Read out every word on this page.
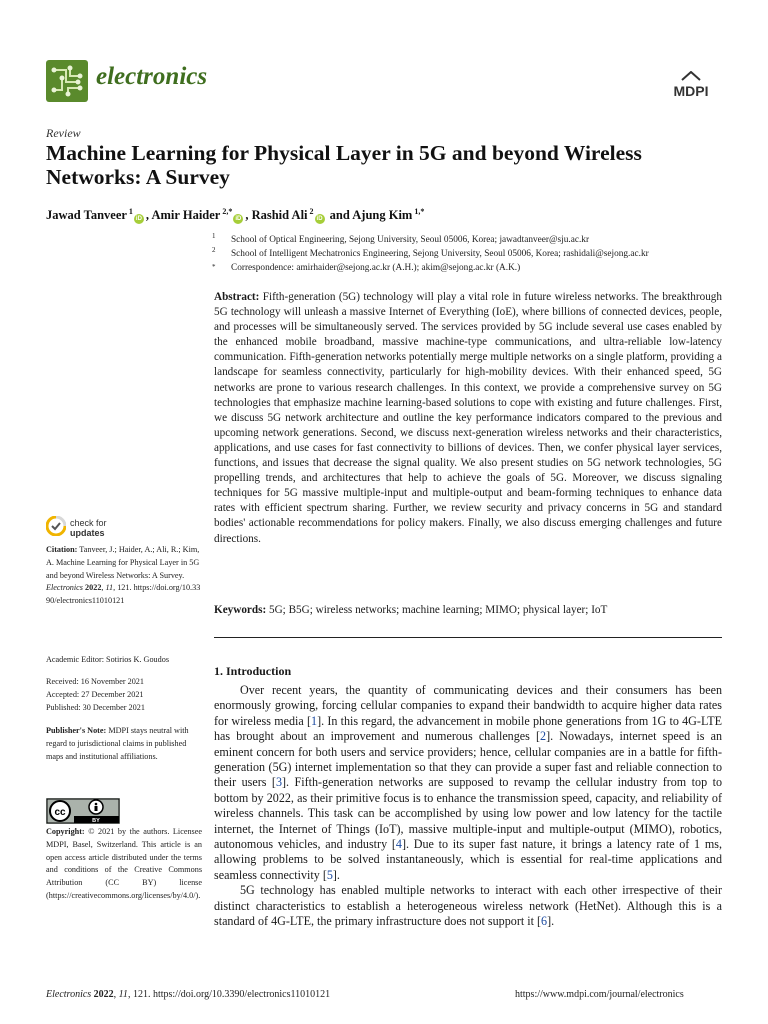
electronics
MDPI
Review
Machine Learning for Physical Layer in 5G and beyond Wireless Networks: A Survey
Jawad Tanveer $^1$iD , Amir Haider $^{2,*}$iD , Rashid Ali $^2$iD and Ajung Kim $^{1,*}$
1 School of Optical Engineering, Sejong University, Seoul 05006, Korea; jawadtanveer@sju.ac.kr
2 School of Intelligent Mechatronics Engineering, Sejong University, Seoul 05006, Korea; rashidali@sejong.ac.kr
* Correspondence: amirhaider@sejong.ac.kr (A.H.); akim@sejong.ac.kr (A.K.)
Abstract: Fifth-generation (5G) technology will play a vital role in future wireless networks. The breakthrough 5G technology will unleash a massive Internet of Everything (IoE), where billions of connected devices, people, and processes will be simultaneously served. The services provided by 5G include several use cases enabled by the enhanced mobile broadband, massive machine-type communications, and ultra-reliable low-latency communication. Fifth-generation networks potentially merge multiple networks on a single platform, providing a landscape for seamless connectivity, particularly for high-mobility devices. With their enhanced speed, 5G networks are prone to various research challenges. In this context, we provide a comprehensive survey on 5G technologies that emphasize machine learning-based solutions to cope with existing and future challenges. First, we discuss 5G network architecture and outline the key performance indicators compared to the previous and upcoming network generations. Second, we discuss next-generation wireless networks and their characteristics, applications, and use cases for fast connectivity to billions of devices. Then, we confer physical layer services, functions, and issues that decrease the signal quality. We also present studies on 5G network technologies, 5G propelling trends, and architectures that help to achieve the goals of 5G. Moreover, we discuss signaling techniques for 5G massive multiple-input and multiple-output and beam-forming techniques to enhance data rates with efficient spectrum sharing. Further, we review security and privacy concerns in 5G and standard bodies' actionable recommendations for policy makers. Finally, we also discuss emerging challenges and future directions.
Keywords: 5G; B5G; wireless networks; machine learning; MIMO; physical layer; IoT
1. Introduction

Over recent years, the quantity of communicating devices and their consumers has been enormously growing, forcing cellular companies to expand their bandwidth to acquire higher data rates for wireless media [1]. In this regard, the advancement in mobile phone generations from 1G to 4G-LTE has brought about an improvement and numerous challenges [2]. Nowadays, internet speed is an eminent concern for both users and service providers; hence, cellular companies are in a battle for fifth-generation (5G) internet implementation so that they can provide a super fast and reliable connection to their users [3]. Fifth-generation networks are supposed to revamp the cellular industry from top to bottom by 2022, as their primitive focus is to enhance the transmission speed, capacity, and reliability of wireless channels. This task can be accomplished by using low power and low latency for the tactile internet, the Internet of Things (IoT), massive multiple-input and multiple-output (MIMO), robotics, autonomous vehicles, and industry [4]. Due to its super fast nature, it brings a latency rate of 1 ms, allowing problems to be solved instantaneously, which is essential for real-time applications and seamless connectivity [5].

5G technology has enabled multiple networks to interact with each other irrespective of their distinct characteristics to establish a heterogeneous wireless network (HetNet). Although this is a standard of 4G-LTE, the primary infrastructure does not support it [6].

check for
updates
Citation: Tanveer, J.; Haider, A.; Ali, R.; Kim, A. Machine Learning for Physical Layer in 5G and beyond Wireless Networks: A Survey. Electronics 2022, 11, 121. https://doi.org/10.3390/electronics11010121
Academic Editor: Sotirios K. Goudos
Received: 16 November 2021
Accepted: 27 December 2021
Published: 30 December 2021
Publisher's Note: MDPI stays neutral with regard to jurisdictional claims in published maps and institutional affiliations.
cc
BY
Copyright: © 2021 by the authors. Licensee MDPI, Basel, Switzerland. This article is an open access article distributed under the terms and conditions of the Creative Commons Attribution (CC BY) license (https://creativecommons.org/licenses/by/4.0/).
Electronics 2022, 11, 121. https://doi.org/10.3390/electronics11010121	https://www.mdpi.com/journal/electronics
